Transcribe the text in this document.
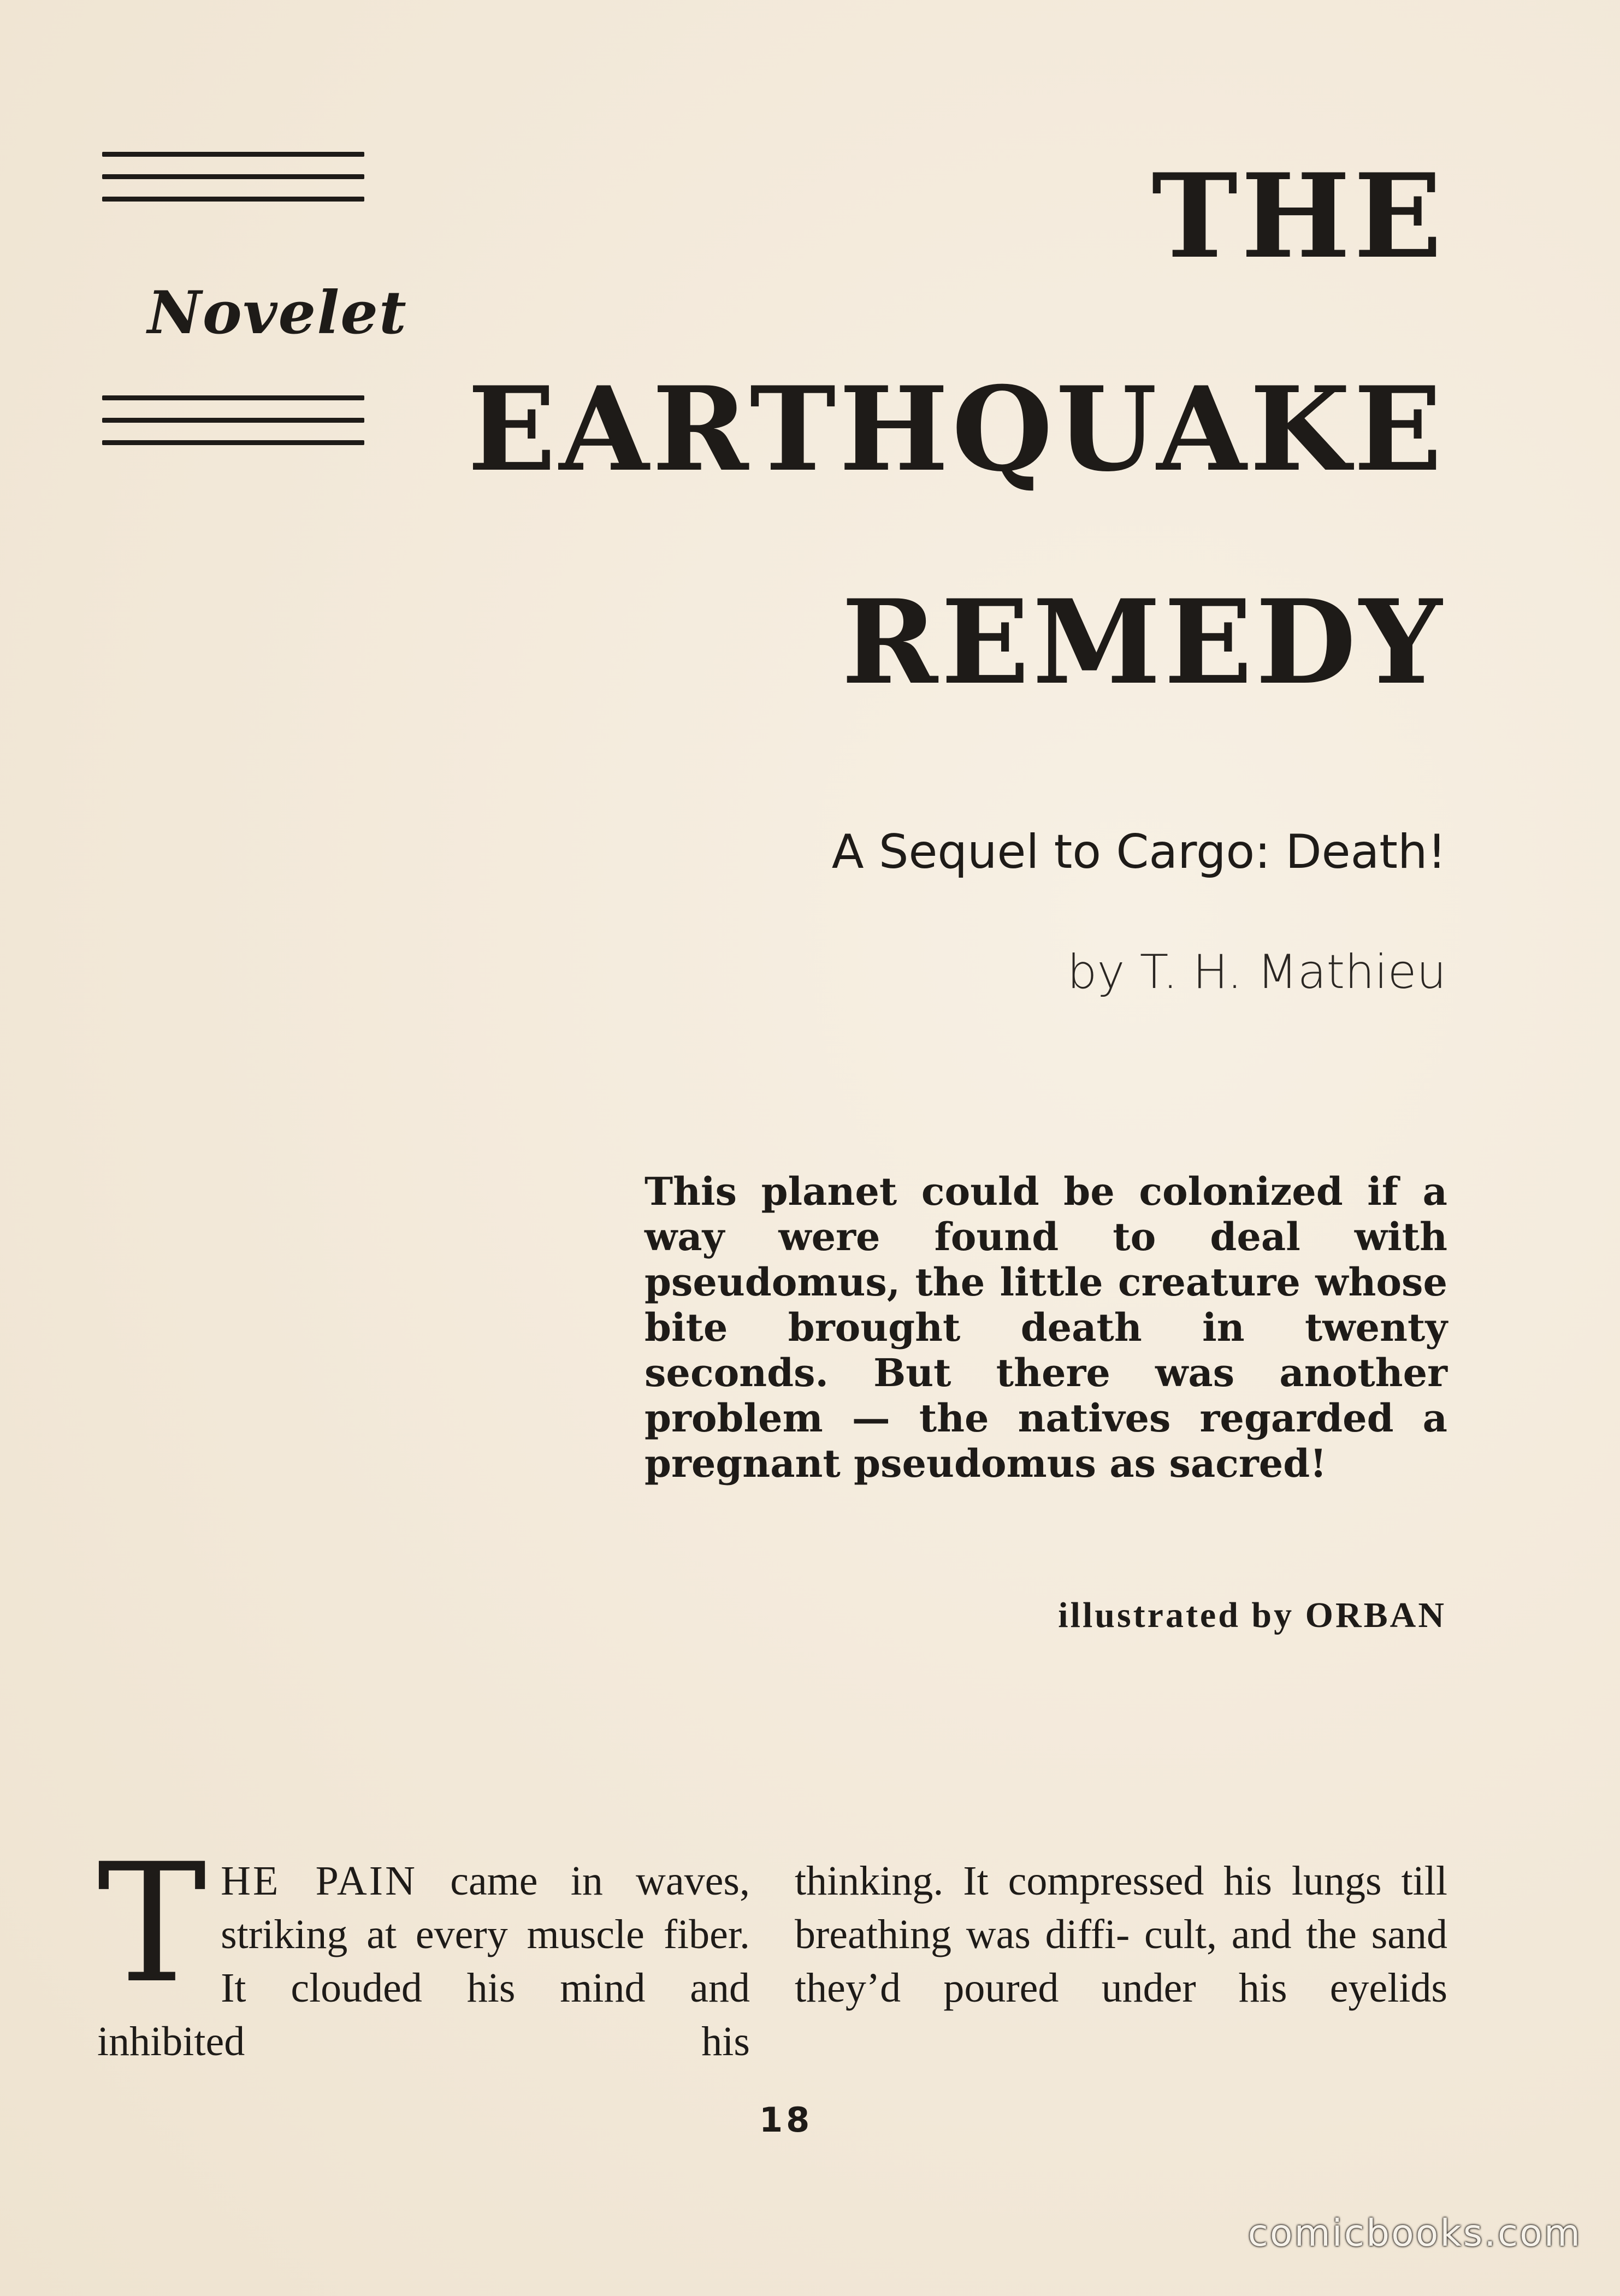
Novelet
THE
EARTHQUAKE
REMEDY
A Sequel to Cargo: Death!
by T. H. Mathieu
This planet could be colonized if a way were found to deal with pseudomus, the little creature whose bite brought death in twenty seconds. But there was another problem — the natives regarded a pregnant pseudomus as sacred!
illustrated by ORBAN
THE PAIN came in waves, striking at every muscle fiber. It clouded his mind and inhibited his
thinking. It compressed his lungs till breathing was diffi- cult, and the sand they’d poured under his eyelids
18
comicbooks.com
